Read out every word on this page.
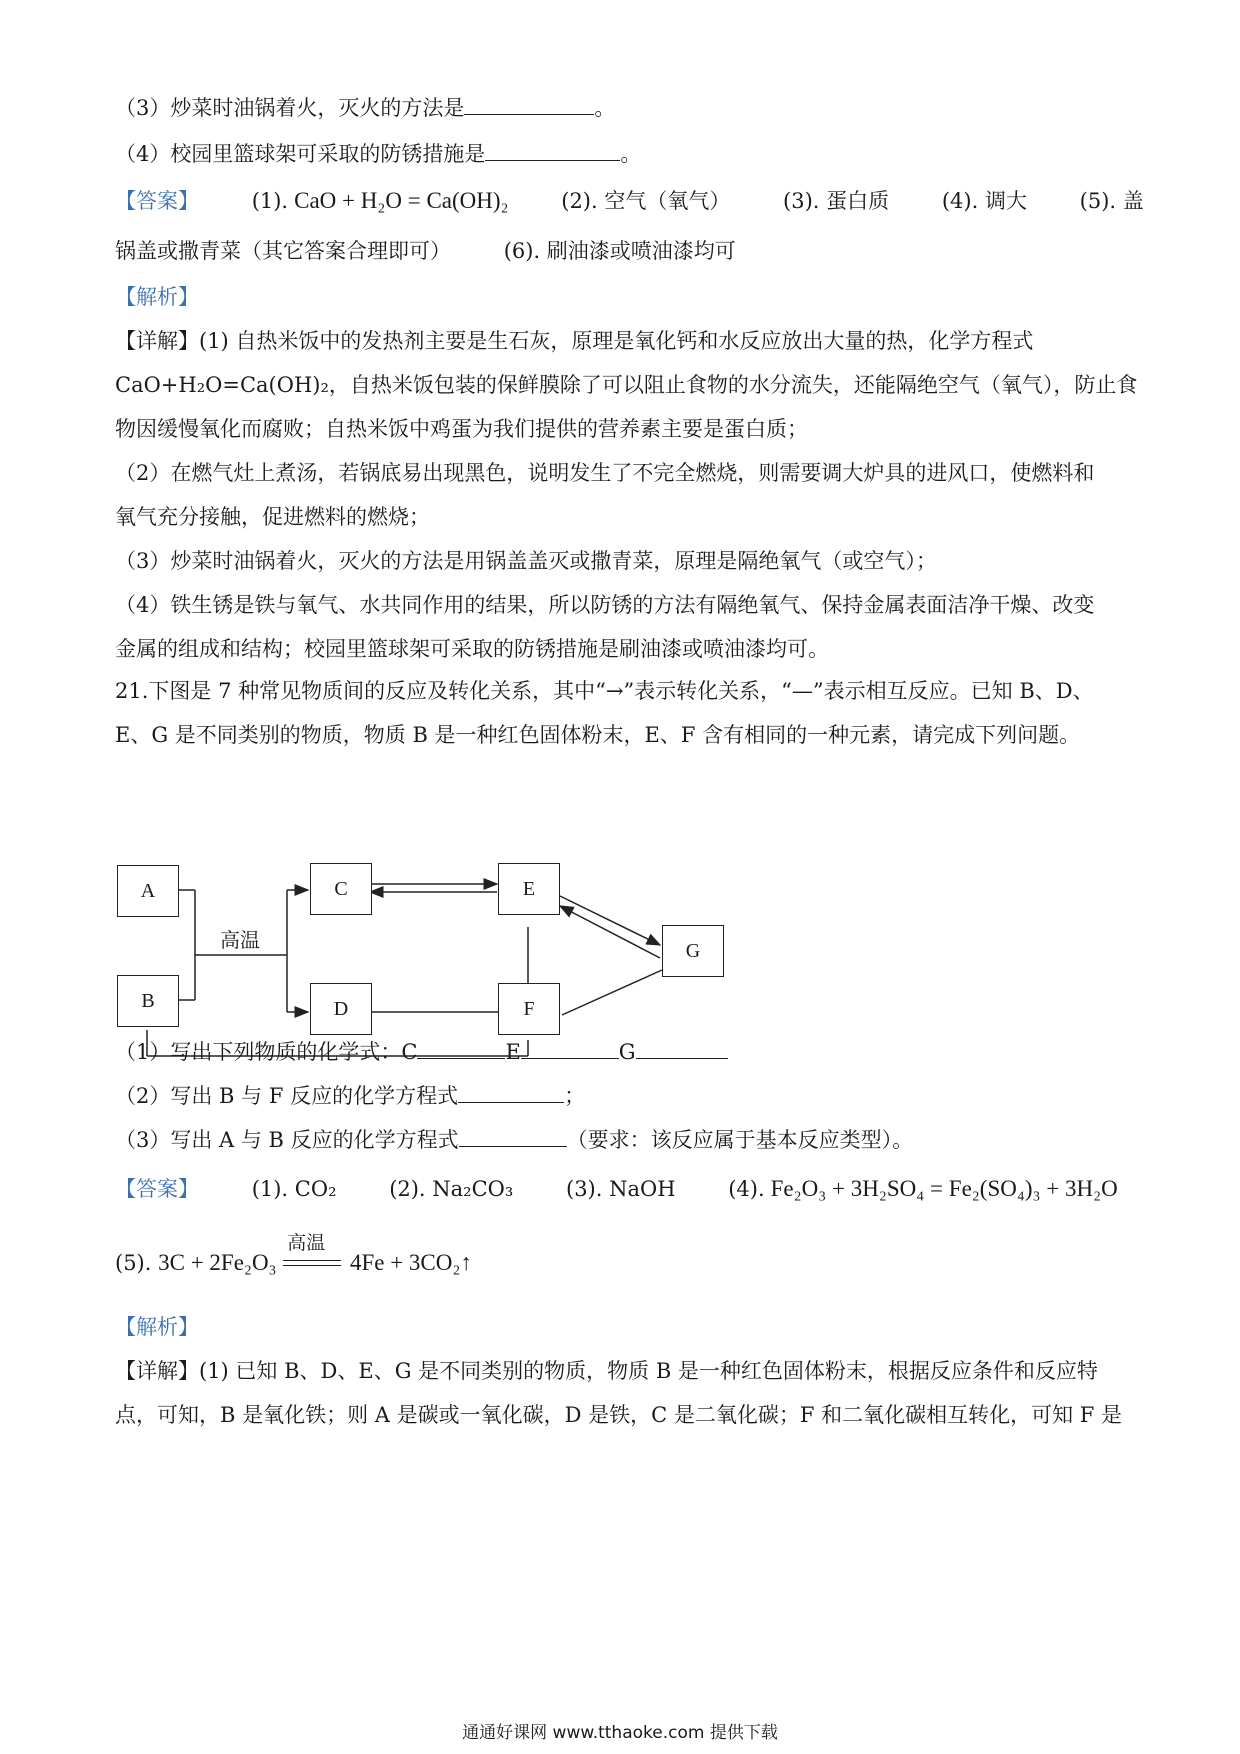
（3）炒菜时油锅着火，灭火的方法是	。
（4）校园里篮球架可采取的防锈措施是	。
【答案】	(1). CaO + H₂O = Ca(OH)₂	(2). 空气（氧气）	(3). 蛋白质	(4). 调大	(5). 盖
锅盖或撒青菜（其它答案合理即可）	(6). 刷油漆或喷油漆均可
【解析】
【详解】(1) 自热米饭中的发热剂主要是生石灰，原理是氧化钙和水反应放出大量的热，化学方程式
CaO+H₂O=Ca(OH)₂，自热米饭包装的保鲜膜除了可以阻止食物的水分流失，还能隔绝空气（氧气），防止食
物因缓慢氧化而腐败；自热米饭中鸡蛋为我们提供的营养素主要是蛋白质；
（2）在燃气灶上煮汤，若锅底易出现黑色，说明发生了不完全燃烧，则需要调大炉具的进风口，使燃料和
氧气充分接触，促进燃料的燃烧；
（3）炒菜时油锅着火，灭火的方法是用锅盖盖灭或撒青菜，原理是隔绝氧气（或空气）；
（4）铁生锈是铁与氧气、水共同作用的结果，所以防锈的方法有隔绝氧气、保持金属表面洁净干燥、改变
金属的组成和结构；校园里篮球架可采取的防锈措施是刷油漆或喷油漆均可。
21.下图是 7 种常见物质间的反应及转化关系，其中“→”表示转化关系，“—”表示相互反应。已知 B、D、
E、G 是不同类别的物质，物质 B 是一种红色固体粉末，E、F 含有相同的一种元素，请完成下列问题。
A
B
C
D
E
F
G
高温
（1）写出下列物质的化学式：C	E	G
（2）写出 B 与 F 反应的化学方程式	；
（3）写出 A 与 B 反应的化学方程式	（要求：该反应属于基本反应类型）。
【答案】	(1). CO₂	(2). Na₂CO₃	(3). NaOH	(4). Fe₂O₃ + 3H₂SO₄ = Fe₂(SO₄)₃ + 3H₂O
(5). 3C + 2Fe₂O₃
高温
4Fe + 3CO₂↑
【解析】
【详解】(1) 已知 B、D、E、G 是不同类别的物质，物质 B 是一种红色固体粉末，根据反应条件和反应特
点，可知，B 是氧化铁；则 A 是碳或一氧化碳，D 是铁，C 是二氧化碳；F 和二氧化碳相互转化，可知 F 是
通通好课网 www.tthaoke.com 提供下载
